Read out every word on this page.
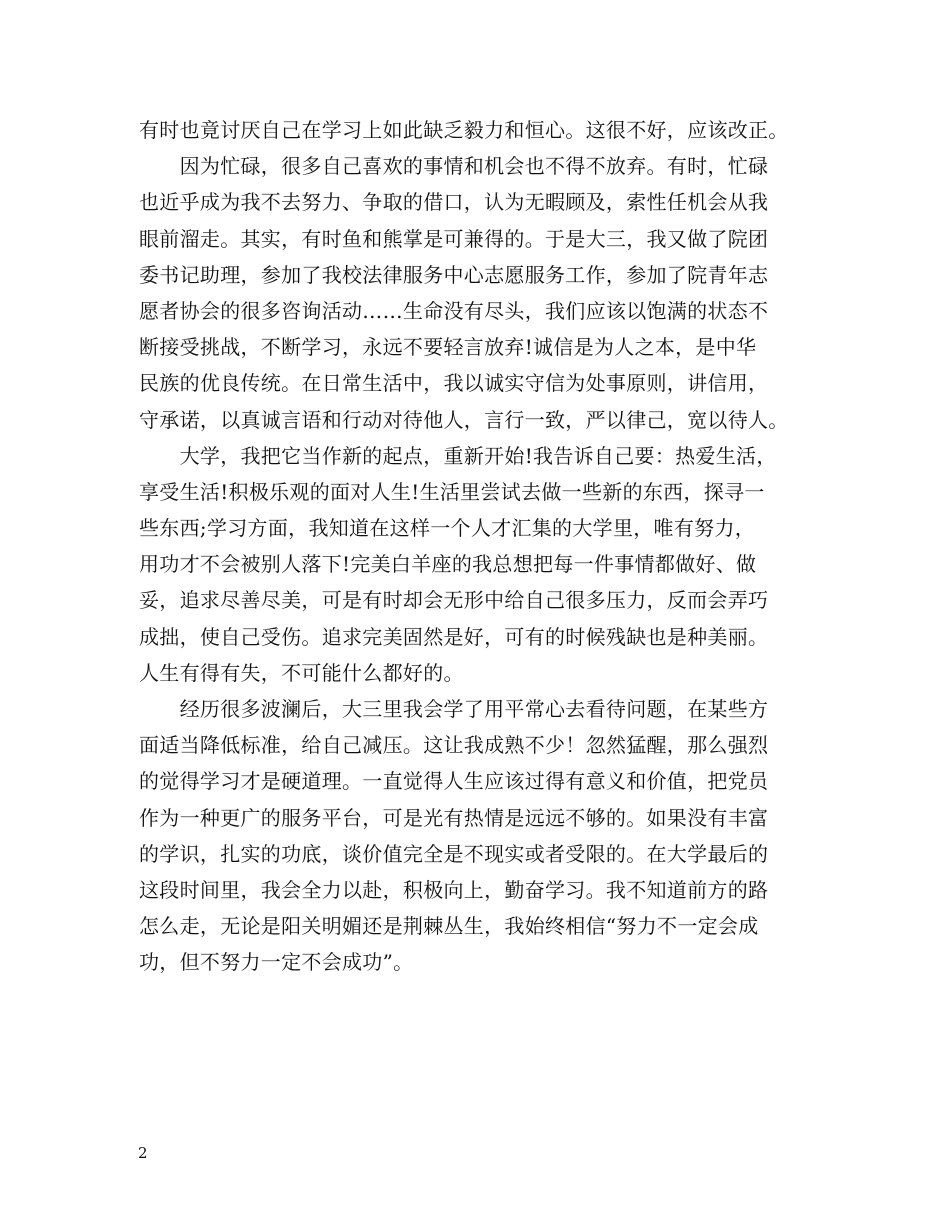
有时也竟讨厌自己在学习上如此缺乏毅力和恒心。这很不好，应该改正。
　　因为忙碌，很多自己喜欢的事情和机会也不得不放弃。有时，忙碌
也近乎成为我不去努力、争取的借口，认为无暇顾及，索性任机会从我
眼前溜走。其实，有时鱼和熊掌是可兼得的。于是大三，我又做了院团
委书记助理，参加了我校法律服务中心志愿服务工作，参加了院青年志
愿者协会的很多咨询活动……生命没有尽头，我们应该以饱满的状态不
断接受挑战，不断学习，永远不要轻言放弃!诚信是为人之本，是中华
民族的优良传统。在日常生活中，我以诚实守信为处事原则，讲信用，
守承诺，以真诚言语和行动对待他人，言行一致，严以律己，宽以待人。
　　大学，我把它当作新的起点，重新开始!我告诉自己要：热爱生活，
享受生活!积极乐观的面对人生!生活里尝试去做一些新的东西，探寻一
些东西;学习方面，我知道在这样一个人才汇集的大学里，唯有努力，
用功才不会被别人落下!完美白羊座的我总想把每一件事情都做好、做
妥，追求尽善尽美，可是有时却会无形中给自己很多压力，反而会弄巧
成拙，使自己受伤。追求完美固然是好，可有的时候残缺也是种美丽。
人生有得有失，不可能什么都好的。
　　经历很多波澜后，大三里我会学了用平常心去看待问题，在某些方
面适当降低标准，给自己减压。这让我成熟不少！忽然猛醒，那么强烈
的觉得学习才是硬道理。一直觉得人生应该过得有意义和价值，把党员
作为一种更广的服务平台，可是光有热情是远远不够的。如果没有丰富
的学识，扎实的功底，谈价值完全是不现实或者受限的。在大学最后的
这段时间里，我会全力以赴，积极向上，勤奋学习。我不知道前方的路
怎么走，无论是阳关明媚还是荆棘丛生，我始终相信“努力不一定会成
功，但不努力一定不会成功”。
2
